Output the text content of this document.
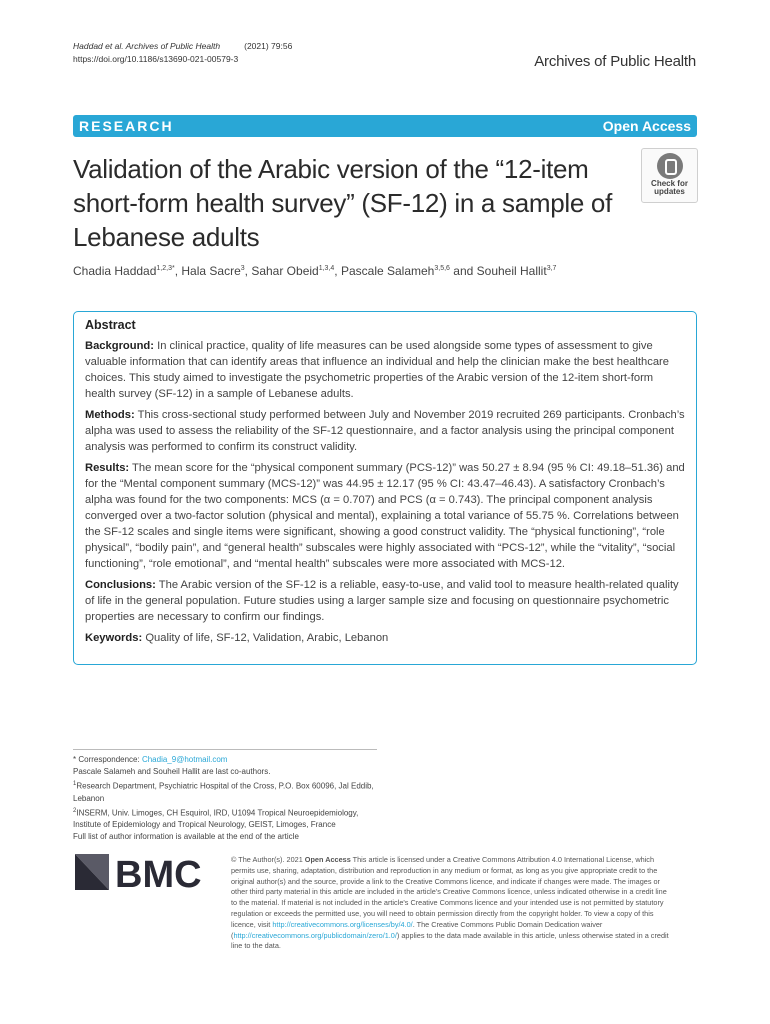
Haddad et al. Archives of Public Health	(2021) 79:56
https://doi.org/10.1186/s13690-021-00579-3	Archives of Public Health
RESEARCH	Open Access
Validation of the Arabic version of the “12-item short-form health survey” (SF-12) in a sample of Lebanese adults
Check for
updates
Chadia Haddad$^{1,2,3*}$, Hala Sacre$^3$, Sahar Obeid$^{1,3,4}$, Pascale Salameh$^{3,5,6}$ and Souheil Hallit$^{3,7}$
Abstract

Background: In clinical practice, quality of life measures can be used alongside some types of assessment to give valuable information that can identify areas that influence an individual and help the clinician make the best healthcare choices. This study aimed to investigate the psychometric properties of the Arabic version of the 12-item short-form health survey (SF-12) in a sample of Lebanese adults.

Methods: This cross-sectional study performed between July and November 2019 recruited 269 participants. Cronbach’s alpha was used to assess the reliability of the SF-12 questionnaire, and a factor analysis using the principal component analysis was performed to confirm its construct validity.

Results: The mean score for the “physical component summary (PCS-12)” was 50.27 ± 8.94 (95 % CI: 49.18–51.36) and for the “Mental component summary (MCS-12)” was 44.95 ± 12.17 (95 % CI: 43.47–46.43). A satisfactory Cronbach’s alpha was found for the two components: MCS (α = 0.707) and PCS (α = 0.743). The principal component analysis converged over a two-factor solution (physical and mental), explaining a total variance of 55.75 %. Correlations between the SF-12 scales and single items were significant, showing a good construct validity. The “physical functioning”, “role physical”, “bodily pain”, and “general health” subscales were highly associated with “PCS-12”, while the “vitality”, “social functioning”, “role emotional”, and “mental health” subscales were more associated with MCS-12.

Conclusions: The Arabic version of the SF-12 is a reliable, easy-to-use, and valid tool to measure health-related quality of life in the general population. Future studies using a larger sample size and focusing on questionnaire psychometric properties are necessary to confirm our findings.

Keywords: Quality of life, SF-12, Validation, Arabic, Lebanon

* Correspondence: Chadia_9@hotmail.com
Pascale Salameh and Souheil Hallit are last co-authors.
$^1$Research Department, Psychiatric Hospital of the Cross, P.O. Box 60096, Jal Eddib, Lebanon
$^2$INSERM, Univ. Limoges, CH Esquirol, IRD, U1094 Tropical Neuroepidemiology, Institute of Epidemiology and Tropical Neurology, GEIST, Limoges, France
Full list of author information is available at the end of the article
BMC	© The Author(s). 2021 Open Access This article is licensed under a Creative Commons Attribution 4.0 International License, which permits use, sharing, adaptation, distribution and reproduction in any medium or format, as long as you give appropriate credit to the original author(s) and the source, provide a link to the Creative Commons licence, and indicate if changes were made. The images or other third party material in this article are included in the article's Creative Commons licence, unless indicated otherwise in a credit line to the material. If material is not included in the article's Creative Commons licence and your intended use is not permitted by statutory regulation or exceeds the permitted use, you will need to obtain permission directly from the copyright holder. To view a copy of this licence, visit http://creativecommons.org/licenses/by/4.0/. The Creative Commons Public Domain Dedication waiver (http://creativecommons.org/publicdomain/zero/1.0/) applies to the data made available in this article, unless otherwise stated in a credit line to the data.
